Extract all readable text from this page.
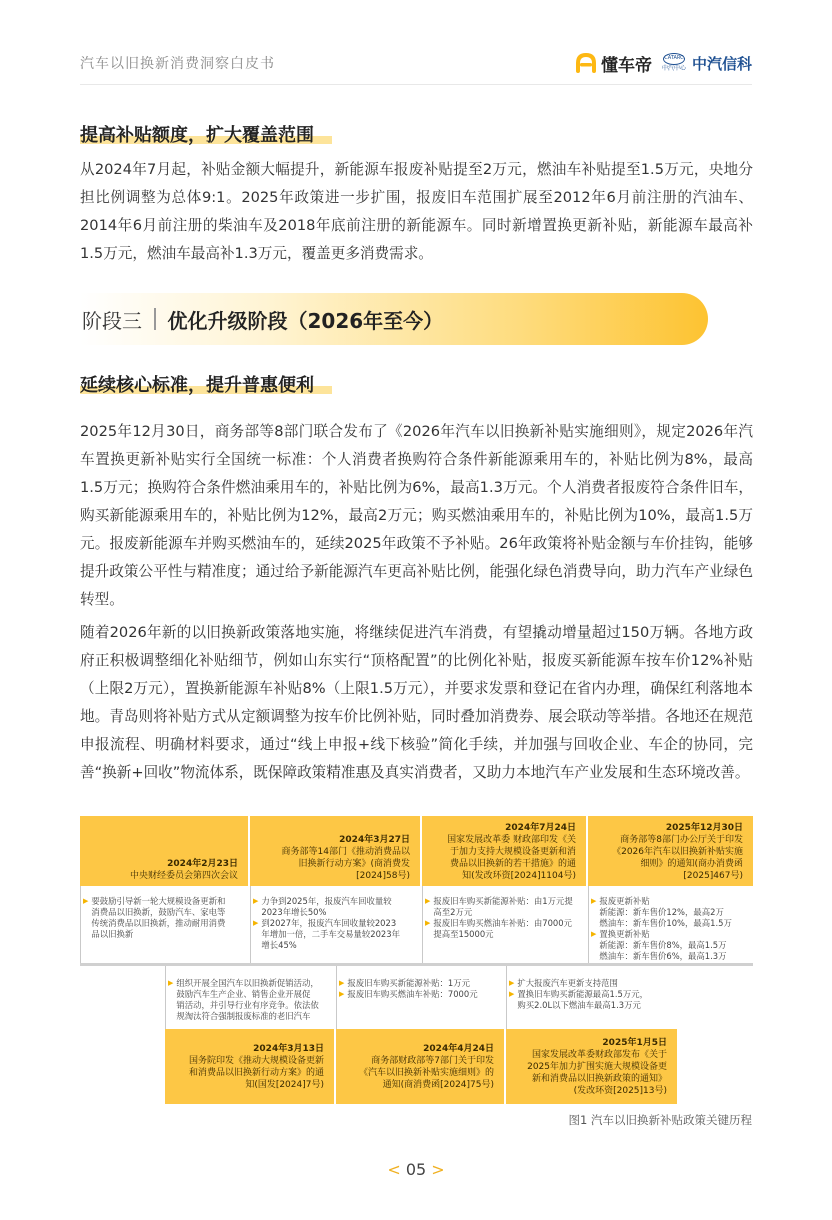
汽车以旧换新消费洞察白皮书	懂车帝 CATARC
中汽中心 中汽信科
提高补贴额度，扩大覆盖范围
从2024年7月起，补贴金额大幅提升，新能源车报废补贴提至2万元，燃油车补贴提至1.5万元，央地分担比例调整为总体9:1。2025年政策进一步扩围，报废旧车范围扩展至2012年6月前注册的汽油车、2014年6月前注册的柴油车及2018年底前注册的新能源车。同时新增置换更新补贴，新能源车最高补1.5万元，燃油车最高补1.3万元，覆盖更多消费需求。
阶段三 优化升级阶段（2026年至今）
延续核心标准，提升普惠便利
2025年12月30日，商务部等8部门联合发布了《2026年汽车以旧换新补贴实施细则》，规定2026年汽车置换更新补贴实行全国统一标准：个人消费者换购符合条件新能源乘用车的，补贴比例为8%，最高1.5万元；换购符合条件燃油乘用车的，补贴比例为6%，最高1.3万元。个人消费者报废符合条件旧车，购买新能源乘用车的，补贴比例为12%，最高2万元；购买燃油乘用车的，补贴比例为10%，最高1.5万元。报废新能源车并购买燃油车的，延续2025年政策不予补贴。26年政策将补贴金额与车价挂钩，能够提升政策公平性与精准度；通过给予新能源汽车更高补贴比例，能强化绿色消费导向，助力汽车产业绿色转型。
随着2026年新的以旧换新政策落地实施，将继续促进汽车消费，有望撬动增量超过150万辆。各地方政府正积极调整细化补贴细节，例如山东实行“顶格配置”的比例化补贴，报废买新能源车按车价12%补贴（上限2万元），置换新能源车补贴8%（上限1.5万元），并要求发票和登记在省内办理，确保红利落地本地。青岛则将补贴方式从定额调整为按车价比例补贴，同时叠加消费券、展会联动等举措。各地还在规范申报流程、明确材料要求，通过“线上申报+线下核验”简化手续，并加强与回收企业、车企的协同，完善“换新+回收”物流体系，既保障政策精准惠及真实消费者，又助力本地汽车产业发展和生态环境改善。
2024年2月23日
中央财经委员会第四次会议
2024年3月27日
商务部等14部门《推动消费品以
旧换新行动方案》(商消费发
[2024]58号)
2024年7月24日
国家发展改革委 财政部印发《关
于加力支持大规模设备更新和消
费品以旧换新的若干措施》的通
知(发改环资[2024]1104号)
2025年12月30日
商务部等8部门办公厅关于印发
《2026年汽车以旧换新补贴实施
细则》的通知(商办消费函
[2025]467号)
▶ 要鼓励引导新一轮大规模设备更新和
消费品以旧换新，鼓励汽车、家电等
传统消费品以旧换新，推动耐用消费
品以旧换新
▶ 力争到2025年，报废汽车回收量较
2023年增长50%
▶ 到2027年，报废汽车回收量较2023
年增加一倍，二手车交易量较2023年
增长45%
▶ 报废旧车购买新能源补贴：由1万元提
高至2万元
▶ 报废旧车购买燃油车补贴：由7000元
提高至15000元
▶ 报废更新补贴
新能源：新车售价12%，最高2万
燃油车：新车售价10%，最高1.5万
▶ 置换更新补贴
新能源：新车售价8%，最高1.5万
燃油车：新车售价6%，最高1.3万
▶ 组织开展全国汽车以旧换新促销活动，
鼓励汽车生产企业、销售企业开展促
销活动，并引导行业有序竞争。依法依
规淘汰符合强制报废标准的老旧汽车
▶ 报废旧车购买新能源补贴：1万元
▶ 报废旧车购买燃油车补贴：7000元
▶ 扩大报废汽车更新支持范围
▶ 置换旧车购买新能源最高1.5万元，
购买2.0L以下燃油车最高1.3万元
2024年3月13日
国务院印发《推动大规模设备更新
和消费品以旧换新行动方案》的通
知(国发[2024]7号)
2024年4月24日
商务部财政部等7部门关于印发
《汽车以旧换新补贴实施细则》的
通知(商消费函[2024]75号)
2025年1月5日
国家发展改革委财政部发布《关于
2025年加力扩围实施大规模设备更
新和消费品以旧换新政策的通知》
(发改环资[2025]13号)
图1 汽车以旧换新补贴政策关键历程
< 05 >
